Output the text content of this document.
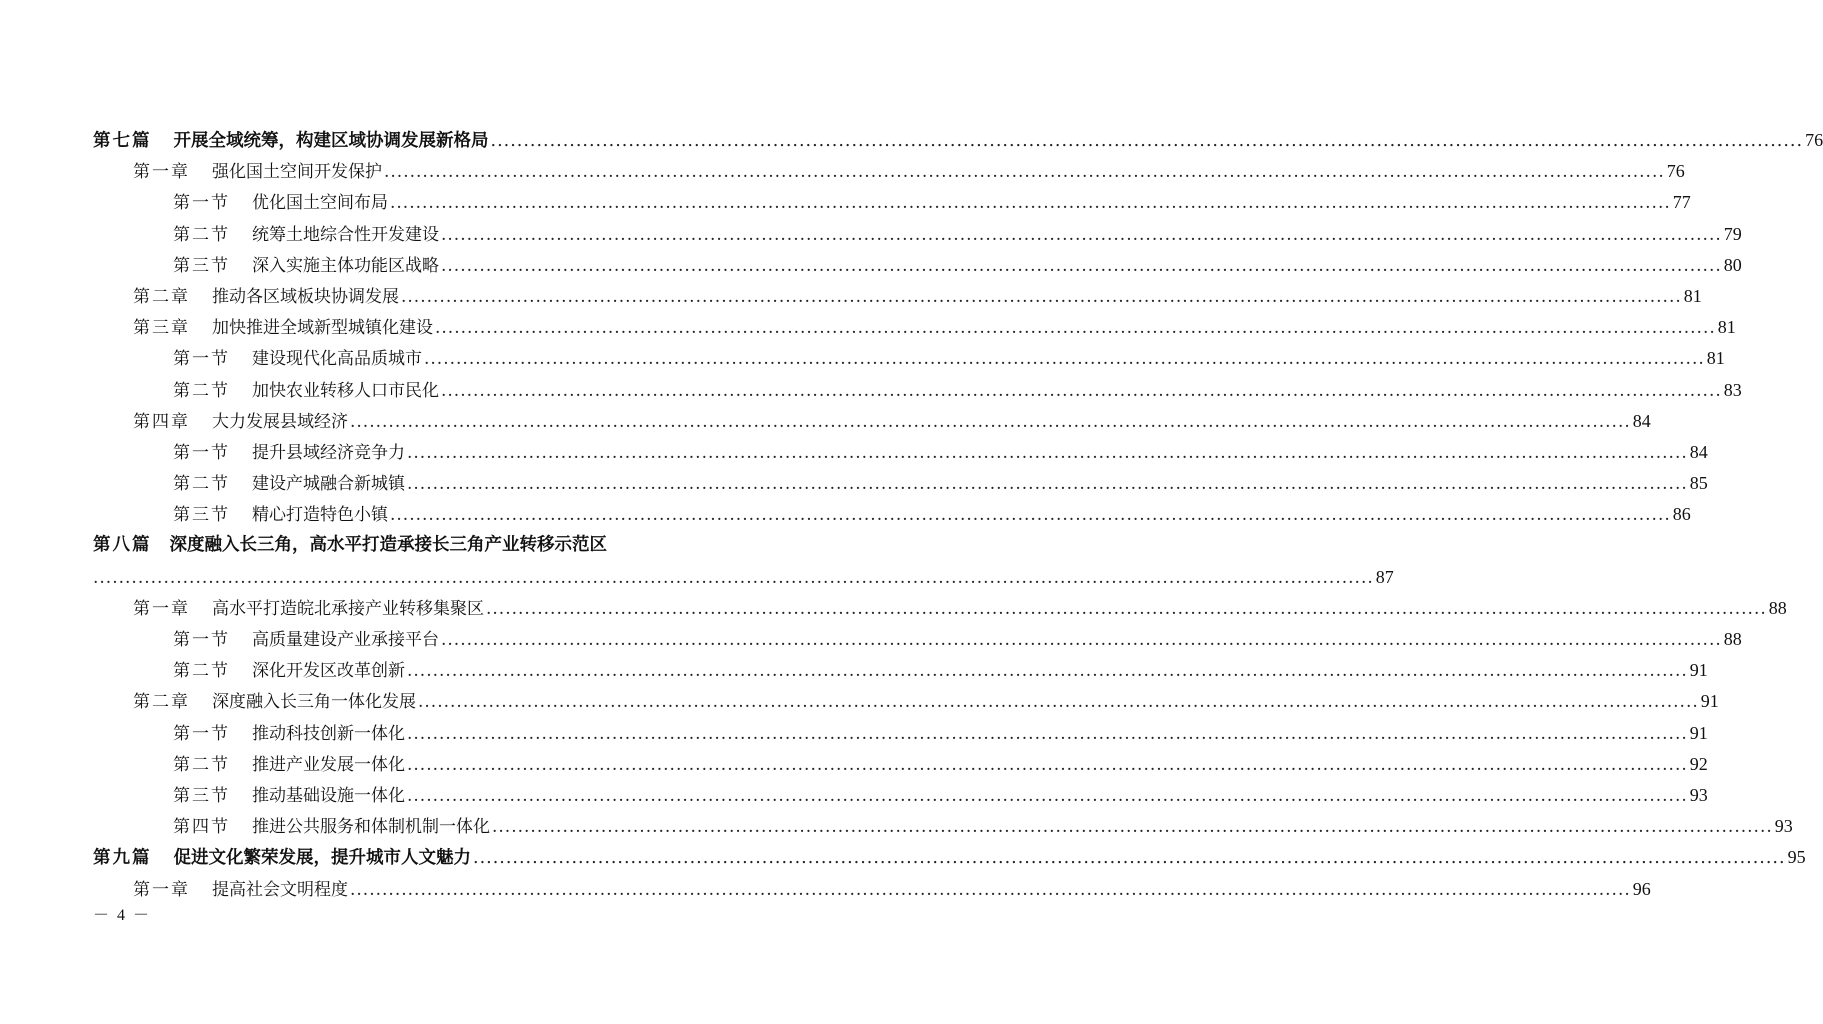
第七篇 开展全域统筹，构建区域协调发展新格局 ........................................................................................................................................................................................................ 76
第一章 强化国土空间开发保护 ........................................................................................................................................................................................................ 76
第一节 优化国土空间布局 ........................................................................................................................................................................................................ 77
第二节 统筹土地综合性开发建设 ........................................................................................................................................................................................................ 79
第三节 深入实施主体功能区战略 ........................................................................................................................................................................................................ 80
第二章 推动各区域板块协调发展 ........................................................................................................................................................................................................ 81
第三章 加快推进全域新型城镇化建设 ........................................................................................................................................................................................................ 81
第一节 建设现代化高品质城市 ........................................................................................................................................................................................................ 81
第二节 加快农业转移人口市民化 ........................................................................................................................................................................................................ 83
第四章 大力发展县域经济 ........................................................................................................................................................................................................ 84
第一节 提升县域经济竞争力 ........................................................................................................................................................................................................ 84
第二节 建设产城融合新城镇 ........................................................................................................................................................................................................ 85
第三节 精心打造特色小镇 ........................................................................................................................................................................................................ 86
第八篇 深度融入长三角，高水平打造承接长三角产业转移示范区
........................................................................................................................................................................................................ 87
第一章 高水平打造皖北承接产业转移集聚区 ........................................................................................................................................................................................................ 88
第一节 高质量建设产业承接平台 ........................................................................................................................................................................................................ 88
第二节 深化开发区改革创新 ........................................................................................................................................................................................................ 91
第二章 深度融入长三角一体化发展 ........................................................................................................................................................................................................ 91
第一节 推动科技创新一体化 ........................................................................................................................................................................................................ 91
第二节 推进产业发展一体化 ........................................................................................................................................................................................................ 92
第三节 推动基础设施一体化 ........................................................................................................................................................................................................ 93
第四节 推进公共服务和体制机制一体化 ........................................................................................................................................................................................................ 93
第九篇 促进文化繁荣发展，提升城市人文魅力 ........................................................................................................................................................................................................ 95
第一章 提高社会文明程度 ........................................................................................................................................................................................................ 96
－ 4 －
